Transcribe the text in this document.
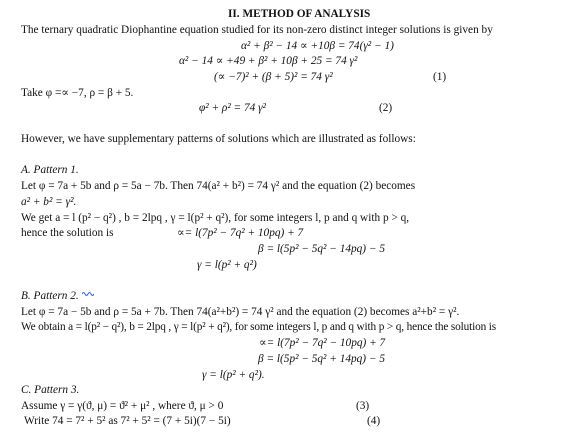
II. METHOD OF ANALYSIS
The ternary quadratic Diophantine equation studied for its non-zero distinct integer solutions is given by
α² + β² − 14 ∝ +10β = 74(γ² − 1)
α² − 14 ∝ +49 + β² + 10β + 25 = 74 γ²
(∝ −7)² + (β + 5)² = 74 γ²	(1)
Take φ =∝ −7, ρ = β + 5.
φ² + ρ² = 74 γ²	(2)
However, we have supplementary patterns of solutions which are illustrated as follows:
A. Pattern 1.
Let φ = 7a + 5b and ρ = 5a − 7b. Then 74(a² + b²) = 74 γ² and the equation (2) becomes
a² + b² = γ².
We get a = l (p² − q²) , b = 2lpq , γ = l(p² + q²), for some integers l, p and q with p > q,
hence the solution is	∝= l(7p² − 7q² + 10pq) + 7
β = l(5p² − 5q² − 14pq) − 5
γ = l(p² + q²)
B. Pattern 2.
Let φ = 7a − 5b and ρ = 5a + 7b. Then 74(a²+b²) = 74 γ² and the equation (2) becomes a²+b² = γ².
We obtain a = l(p² − q²), b = 2lpq , γ = l(p² + q²), for some integers l, p and q with p > q, hence the solution is
∝= l(7p² − 7q² − 10pq) + 7
β = l(5p² − 5q² + 14pq) − 5
γ = l(p² + q²).
C. Pattern 3.
Assume γ = γ(ϑ, μ) = ϑ² + μ² , where ϑ, μ > 0	(3)
Write 74 = 7² + 5² as 7² + 5² = (7 + 5i)(7 − 5i)	(4)
